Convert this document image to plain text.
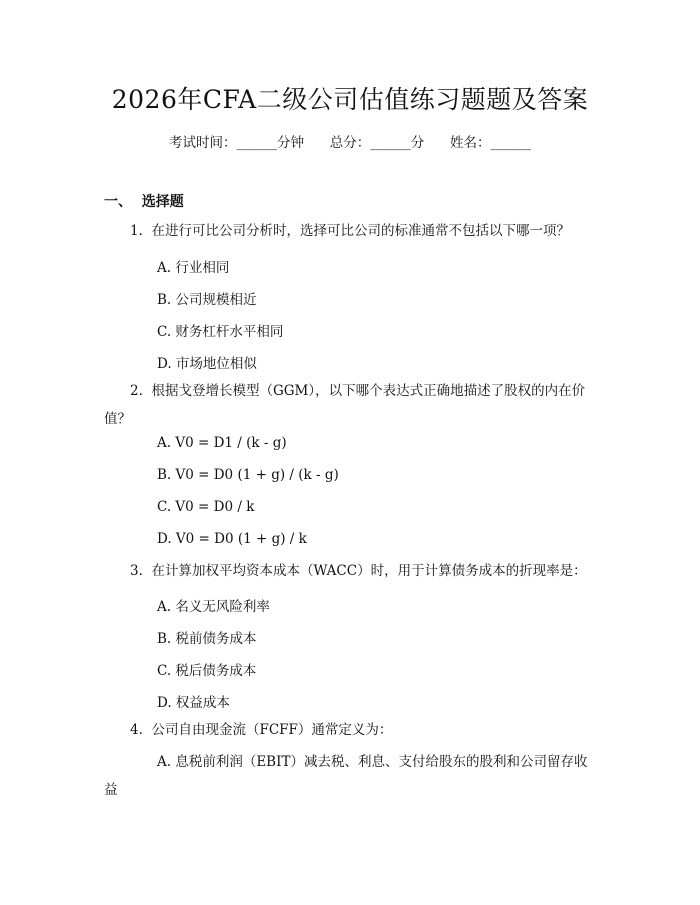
2026年CFA二级公司估值练习题题及答案
考试时间：______分钟 总分：______分 姓名：______
一、  选择题
1.  在进行可比公司分析时，选择可比公司的标准通常不包括以下哪一项？
A. 行业相同
B. 公司规模相近
C. 财务杠杆水平相同
D. 市场地位相似
2.  根据戈登增长模型（GGM），以下哪个表达式正确地描述了股权的内在价值？
A. V0 = D1 / (k - g)
B. V0 = D0 (1 + g) / (k - g)
C. V0 = D0 / k
D. V0 = D0 (1 + g) / k
3.  在计算加权平均资本成本（WACC）时，用于计算债务成本的折现率是：
A. 名义无风险利率
B. 税前债务成本
C. 税后债务成本
D. 权益成本
4.  公司自由现金流（FCFF）通常定义为：
A. 息税前利润（EBIT）减去税、利息、支付给股东的股利和公司留存收益
